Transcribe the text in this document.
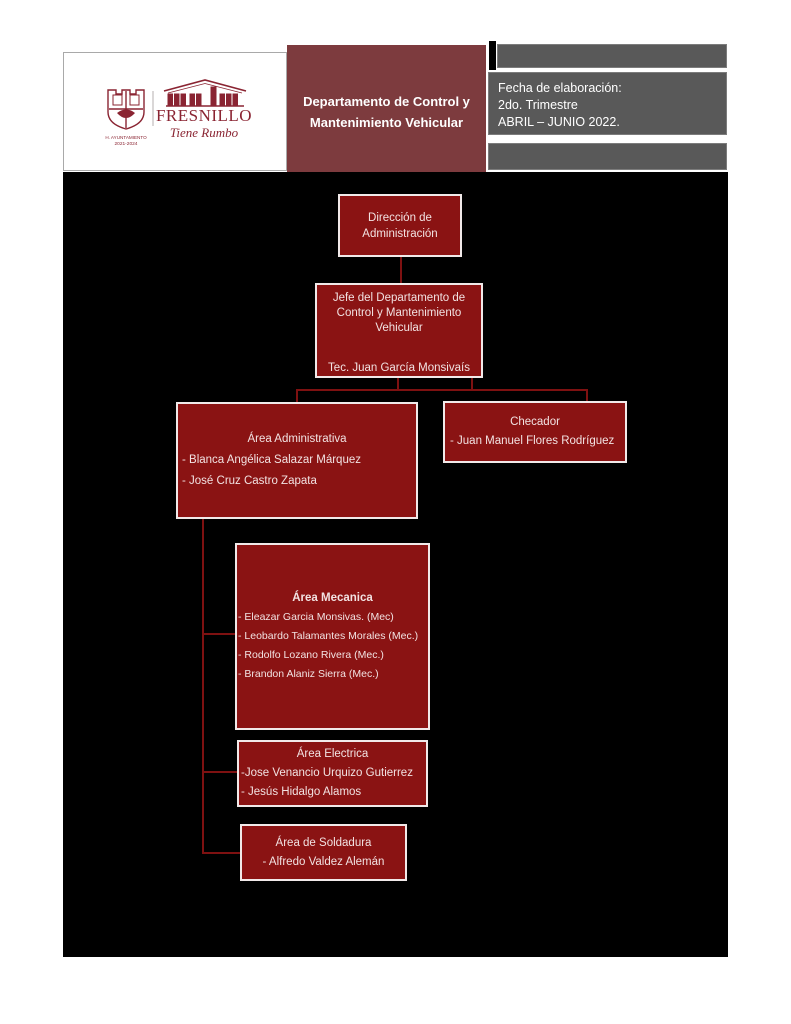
H. AYUNTAMIENTO
2021-2024
FRESNILLO
Tiene Rumbo
Departamento de Control y
Mantenimiento Vehicular
Fecha de elaboración:
2do. Trimestre
ABRIL – JUNIO 2022.
Dirección de
Administración
Jefe del Departamento de
Control y Mantenimiento
Vehicular
Tec. Juan García Monsivaís
Área Administrativa
- Blanca Angélica Salazar Márquez
- José Cruz Castro Zapata
Checador
- Juan Manuel Flores Rodríguez
Área Mecanica
- Eleazar Garcia Monsivas. (Mec)
- Leobardo Talamantes Morales (Mec.)
- Rodolfo Lozano Rivera (Mec.)
- Brandon Alaniz Sierra (Mec.)
Área Electrica
-Jose Venancio Urquizo Gutierrez
- Jesús Hidalgo Alamos
Área de Soldadura
- Alfredo Valdez Alemán
